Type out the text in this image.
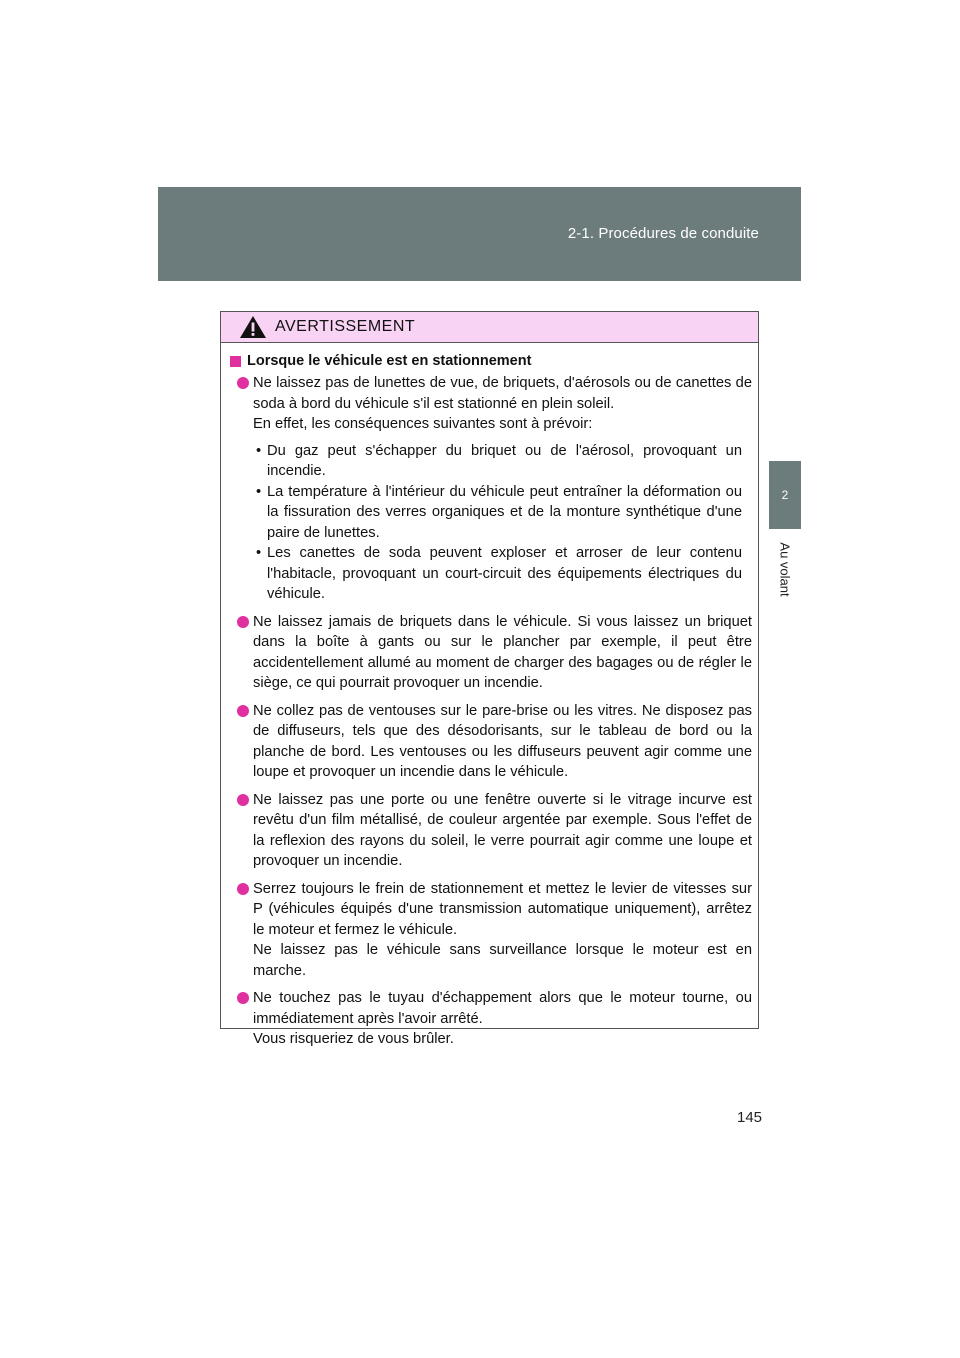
2-1. Procédures de conduite
2
Au volant
AVERTISSEMENT
Lorsque le véhicule est en stationnement
Ne laissez pas de lunettes de vue, de briquets, d'aérosols ou de canettes de soda à bord du véhicule s'il est stationné en plein soleil.
En effet, les conséquences suivantes sont à prévoir:
• Du gaz peut s'échapper du briquet ou de l'aérosol, provoquant un incendie.
• La température à l'intérieur du véhicule peut entraîner la déformation ou la fissuration des verres organiques et de la monture synthétique d'une paire de lunettes.
• Les canettes de soda peuvent exploser et arroser de leur contenu l'habitacle, provoquant un court-circuit des équipements électriques du véhicule.
Ne laissez jamais de briquets dans le véhicule. Si vous laissez un briquet dans la boîte à gants ou sur le plancher par exemple, il peut être accidentellement allumé au moment de charger des bagages ou de régler le siège, ce qui pourrait provoquer un incendie.
Ne collez pas de ventouses sur le pare-brise ou les vitres. Ne disposez pas de diffuseurs, tels que des désodorisants, sur le tableau de bord ou la planche de bord. Les ventouses ou les diffuseurs peuvent agir comme une loupe et provoquer un incendie dans le véhicule.
Ne laissez pas une porte ou une fenêtre ouverte si le vitrage incurve est revêtu d'un film métallisé, de couleur argentée par exemple. Sous l'effet de la reflexion des rayons du soleil, le verre pourrait agir comme une loupe et provoquer un incendie.
Serrez toujours le frein de stationnement et mettez le levier de vitesses sur P (véhicules équipés d'une transmission automatique uniquement), arrêtez le moteur et fermez le véhicule.
Ne laissez pas le véhicule sans surveillance lorsque le moteur est en marche.
Ne touchez pas le tuyau d'échappement alors que le moteur tourne, ou immédiatement après l'avoir arrêté.
Vous risqueriez de vous brûler.
145
